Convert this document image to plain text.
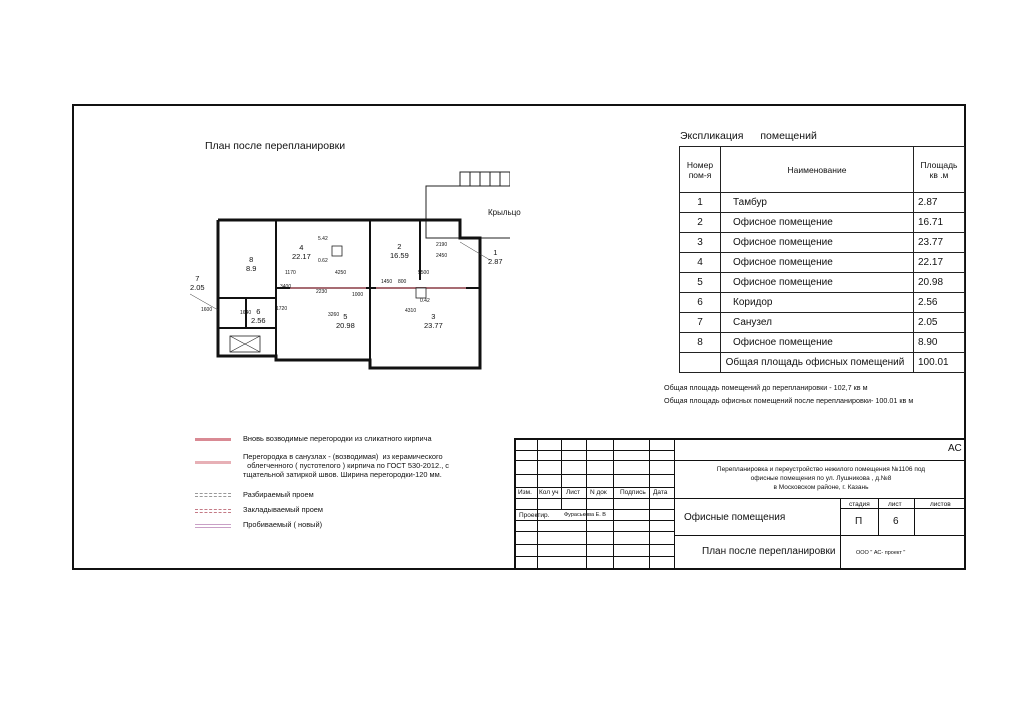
План после перепланировки
Крыльцо
8
8.9
4
22.17
2
16.59	1
2.87
7
2.05
6
2.56	5
20.98
3
23.77
5.42
1170	4250	5500
2450
2190
0.62
0.42
1450 800
2230	1000
1640
1720
1600
3400
4310
3260
Экспликация помещений
Номер пом-я	Наименование	Площадь кв .м
1	Тамбур	2.87
2	Офисное помещение	16.71
3	Офисное помещение	23.77
4	Офисное помещение	22.17
5	Офисное помещение	20.98
6	Коридор	2.56
7	Санузел	2.05
8	Офисное помещение	8.90
	Общая площадь офисных помещений	100.01
Общая площадь помещений до перепланировки - 102,7 кв м
Общая площадь офисных помещений после перепланировки- 100.01 кв м
Вновь возводимые перегородки из сликатного кирпича
Перегородка в санузлах - (возводимая)  из керамического
облегченного ( пустотелого ) кирпича по ГОСТ 530-2012., с
тщательной затиркой швов. Ширина перегородки-120 мм.
Разбираемый проем
Закладываемый проем
Пробиваемый ( новый)
АС
Перепланировка и переустройство нежилого помещения №1106 под
офисные помещения по ул. Лушникова , д.№8
в Московском районе, г. Казань
Изм. Кол уч Лист N док Подпись Дата
Проектир.	Фураськова Е. В	Офисные помещения
стадия	лист	листов
П	6
План после перепланировки	ООО " АС- проект "
